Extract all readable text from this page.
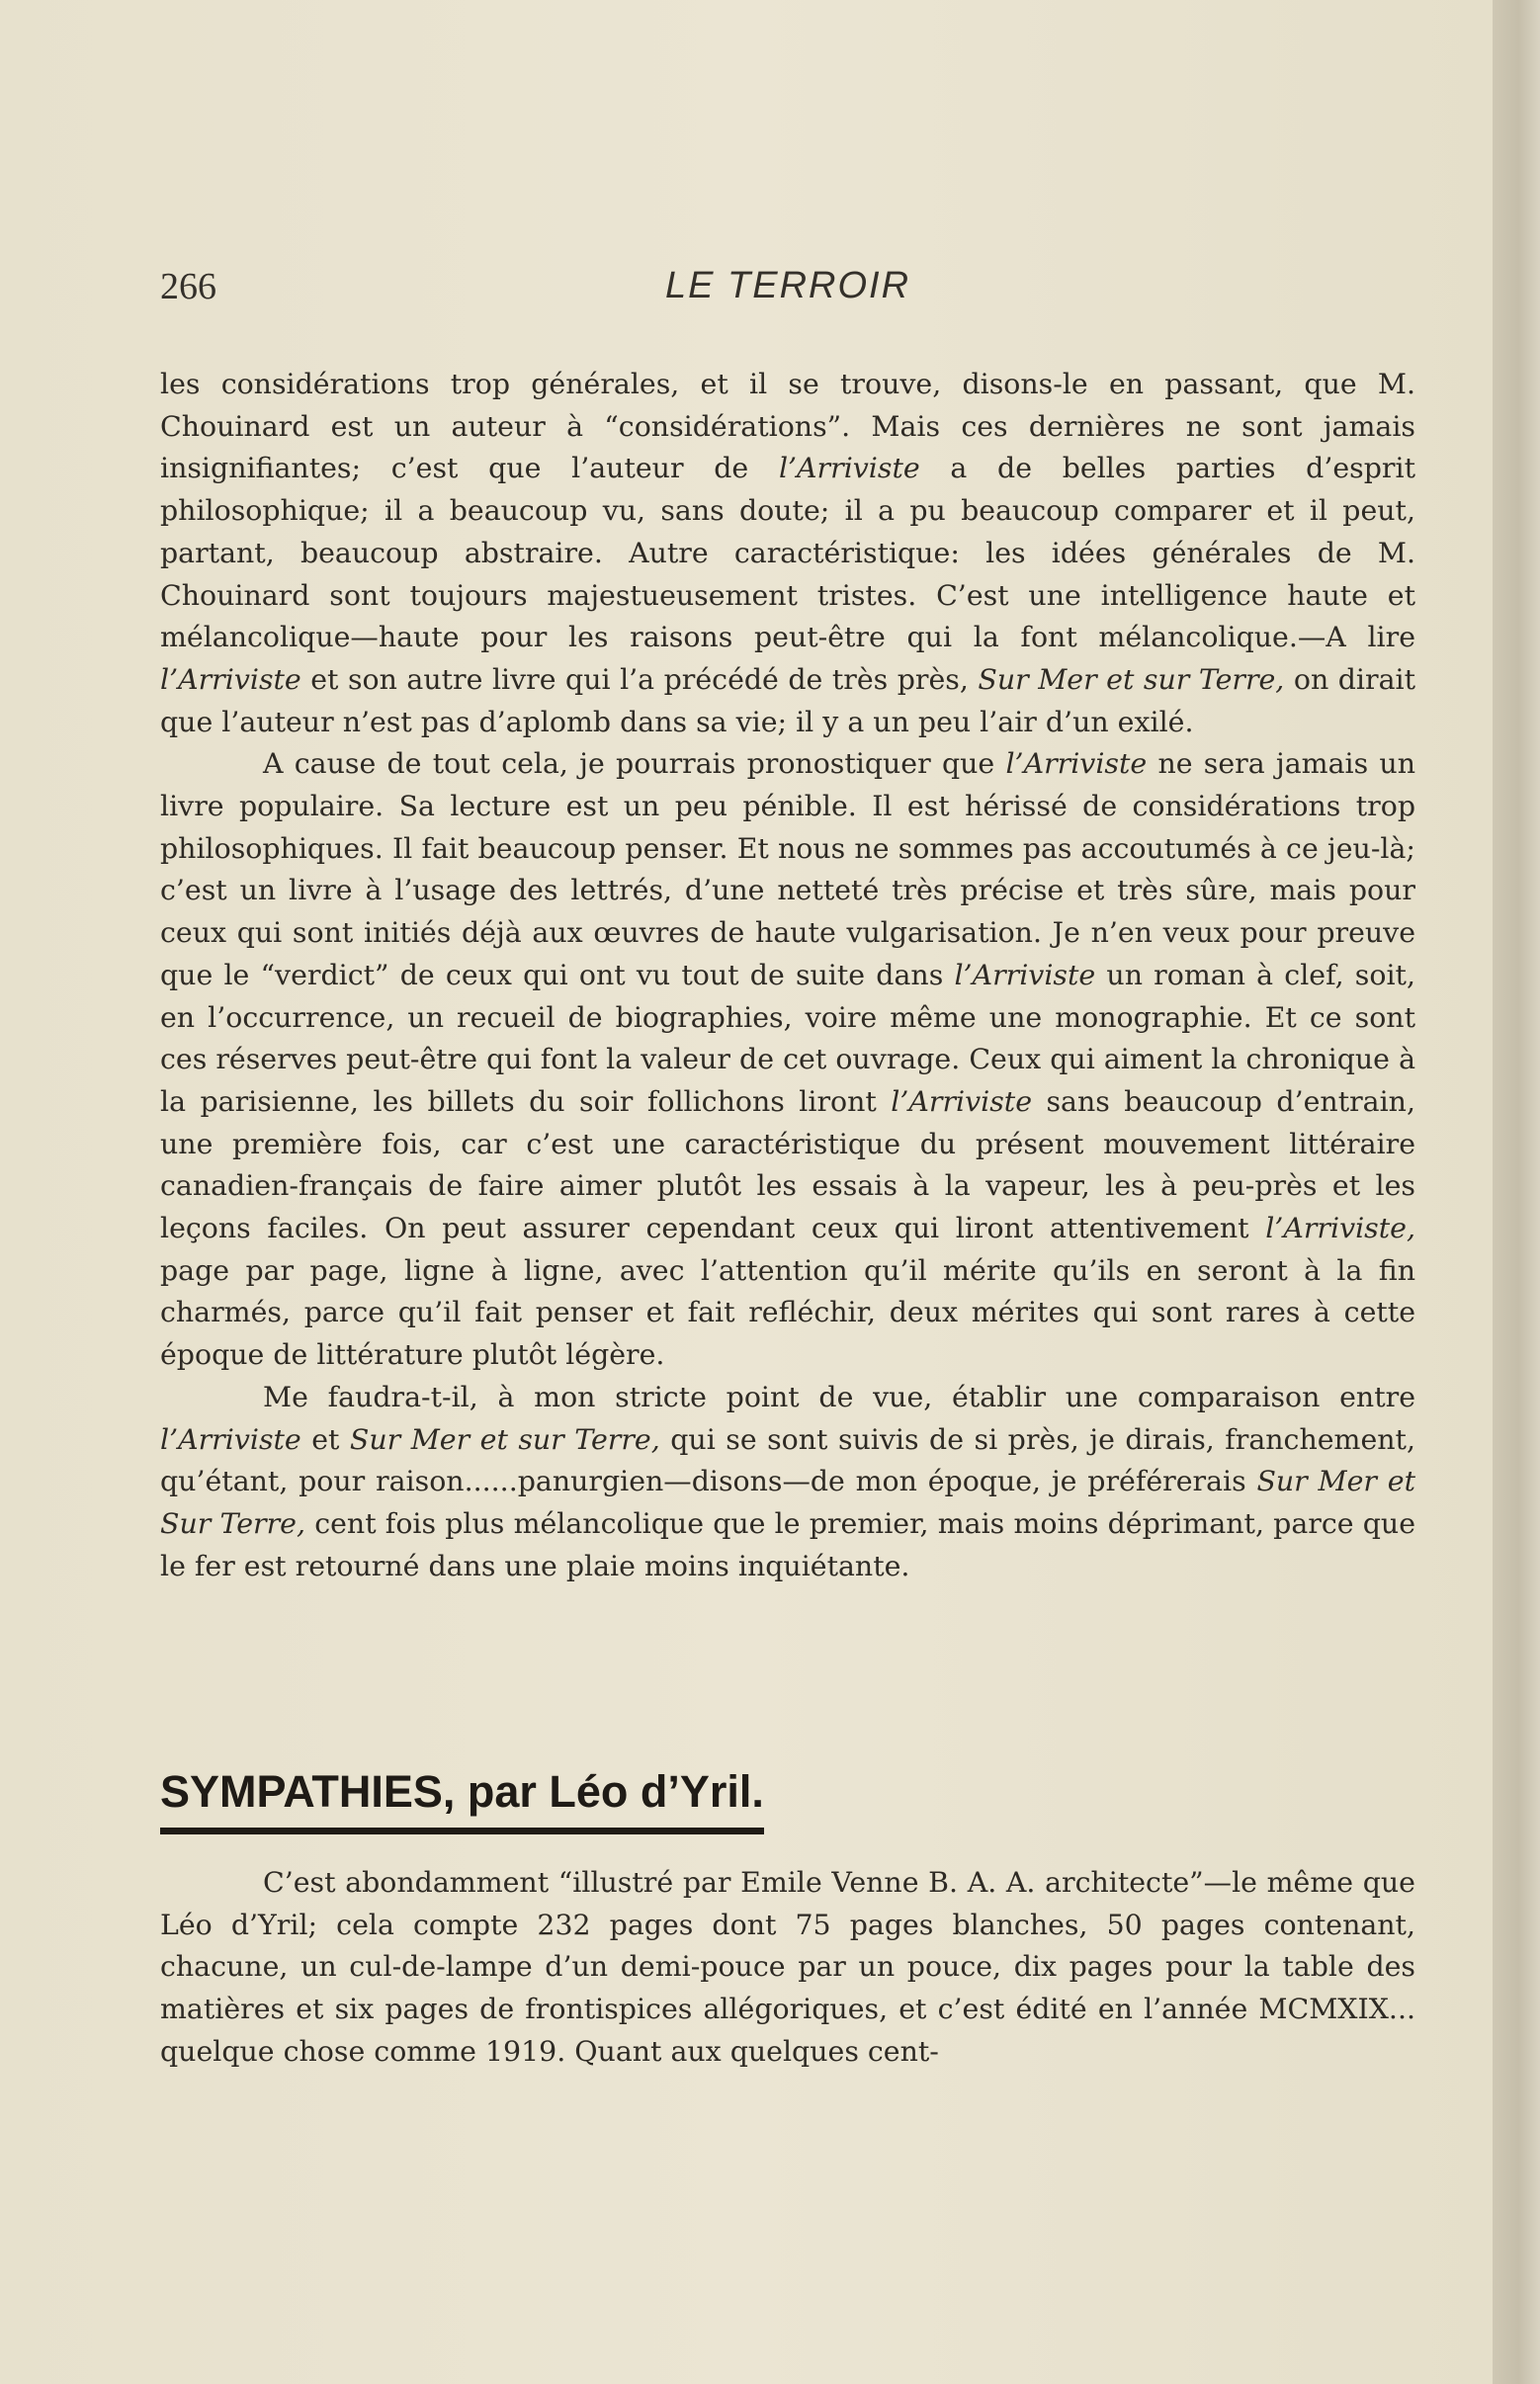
266	LE TERROIR

les considérations trop générales, et il se trouve, disons-le en passant, que M. Chouinard est un auteur à “considérations”. Mais ces dernières ne sont jamais insignifiantes; c’est que l’auteur de l’Arriviste a de belles parties d’esprit philosophique; il a beaucoup vu, sans doute; il a pu beaucoup comparer et il peut, partant, beaucoup abstraire. Autre caractéristique: les idées générales de M. Chouinard sont toujours majestueusement tristes. C’est une intelligence haute et mélancolique—haute pour les raisons peut-être qui la font mélancolique.—A lire l’Arriviste et son autre livre qui l’a précédé de très près, Sur Mer et sur Terre, on dirait que l’auteur n’est pas d’aplomb dans sa vie; il y a un peu l’air d’un exilé.

A cause de tout cela, je pourrais pronostiquer que l’Arriviste ne sera jamais un livre populaire. Sa lecture est un peu pénible. Il est hérissé de considérations trop philosophiques. Il fait beaucoup penser. Et nous ne sommes pas accoutumés à ce jeu-là; c’est un livre à l’usage des lettrés, d’une netteté très précise et très sûre, mais pour ceux qui sont initiés déjà aux œuvres de haute vulgarisation. Je n’en veux pour preuve que le “verdict” de ceux qui ont vu tout de suite dans l’Arriviste un roman à clef, soit, en l’occurrence, un recueil de biographies, voire même une monographie. Et ce sont ces réserves peut-être qui font la valeur de cet ouvrage. Ceux qui aiment la chronique à la parisienne, les billets du soir follichons liront l’Arriviste sans beaucoup d’entrain, une première fois, car c’est une caractéristique du présent mouvement littéraire canadien-français de faire aimer plutôt les essais à la vapeur, les à peu-près et les leçons faciles. On peut assurer cependant ceux qui liront attentivement l’Arriviste, page par page, ligne à ligne, avec l’attention qu’il mérite qu’ils en seront à la fin charmés, parce qu’il fait penser et fait refléchir, deux mérites qui sont rares à cette époque de littérature plutôt légère.

Me faudra-t-il, à mon stricte point de vue, établir une comparaison entre l’Arriviste et Sur Mer et sur Terre, qui se sont suivis de si près, je dirais, franchement, qu’étant, pour raison......panurgien—disons—de mon époque, je préférerais Sur Mer et Sur Terre, cent fois plus mélancolique que le premier, mais moins déprimant, parce que le fer est retourné dans une plaie moins inquiétante.

SYMPATHIES, par Léo d’Yril.

C’est abondamment “illustré par Emile Venne B. A. A. architecte”—le même que Léo d’Yril; cela compte 232 pages dont 75 pages blanches, 50 pages contenant, chacune, un cul-de-lampe d’un demi-pouce par un pouce, dix pages pour la table des matières et six pages de frontispices allégoriques, et c’est édité en l’année MCMXIX... quelque chose comme 1919. Quant aux quelques cent-
